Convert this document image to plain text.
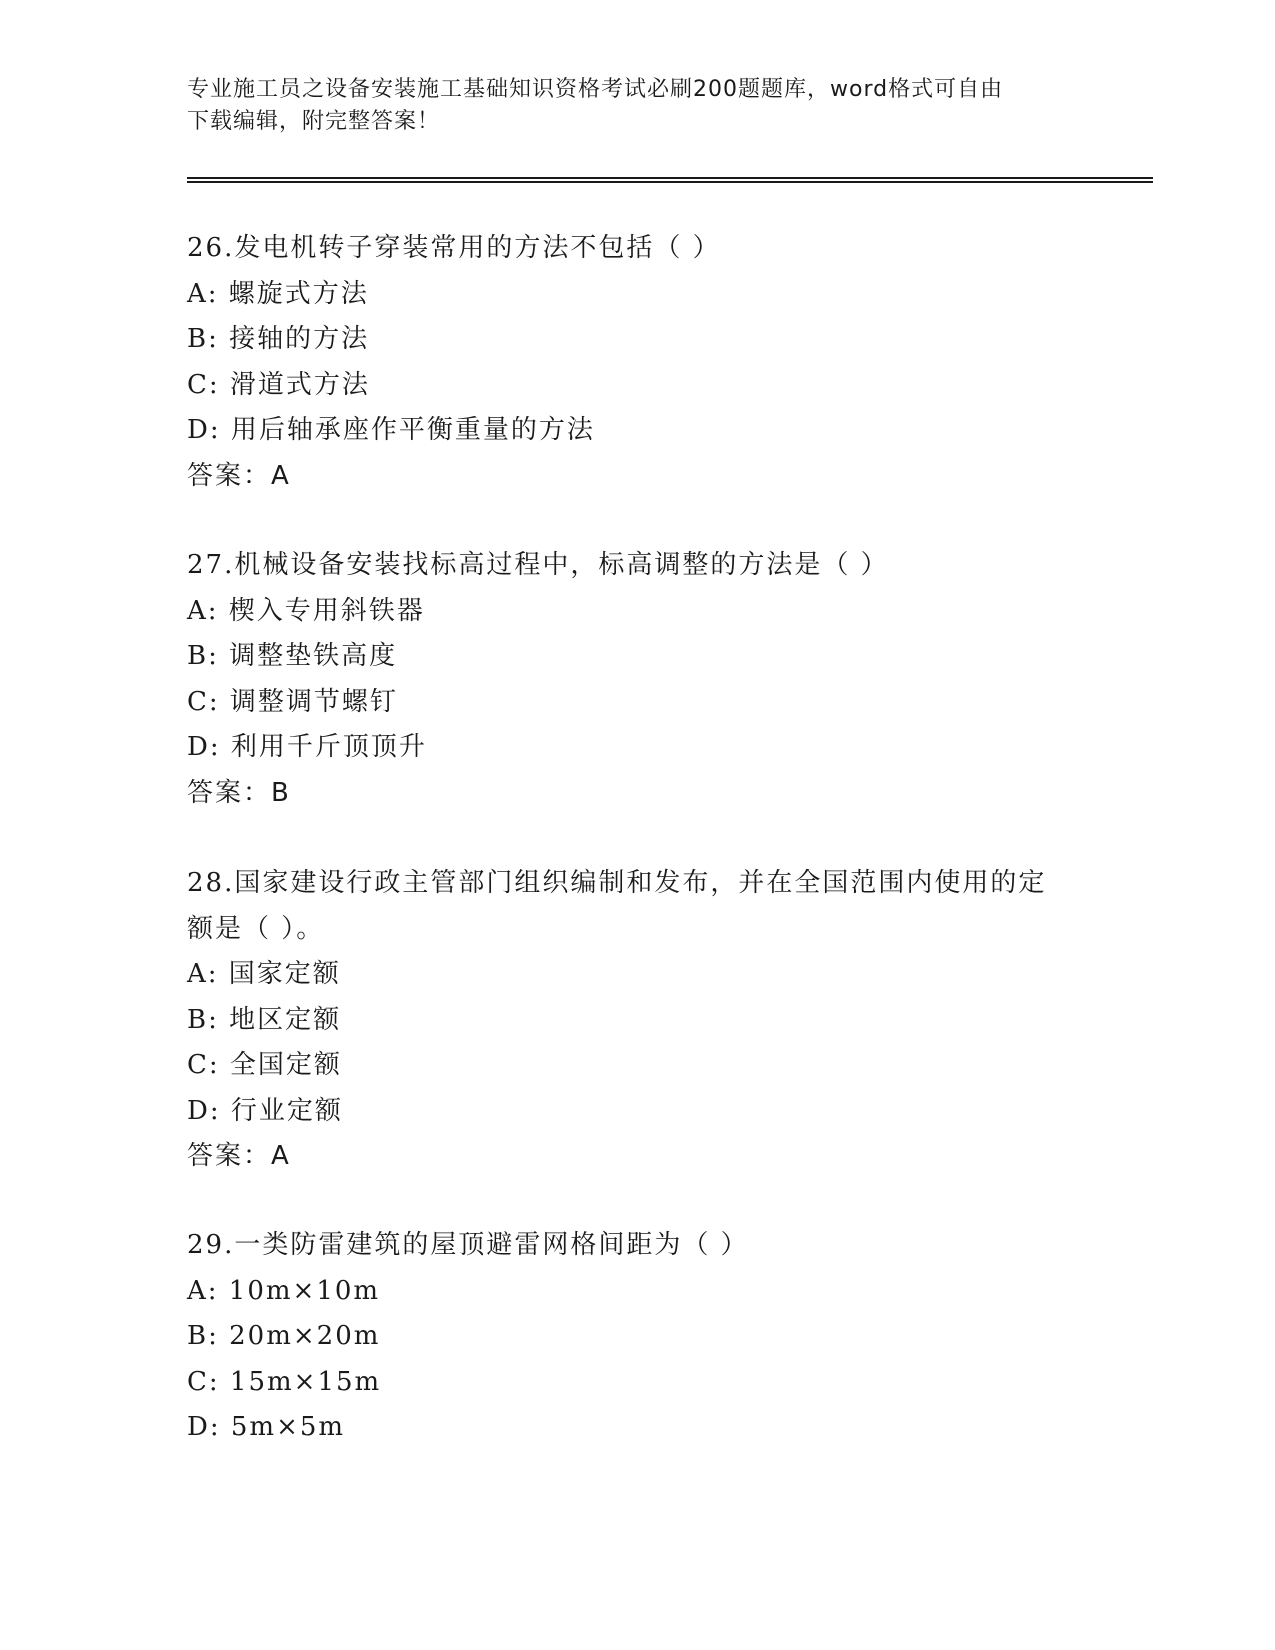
专业施工员之设备安装施工基础知识资格考试必刷200题题库，word格式可自由
下载编辑，附完整答案！
26.发电机转子穿装常用的方法不包括（ ）
A: 螺旋式方法
B: 接轴的方法
C: 滑道式方法
D: 用后轴承座作平衡重量的方法
答案：A
27.机械设备安装找标高过程中，标高调整的方法是（ ）
A: 楔入专用斜铁器
B: 调整垫铁高度
C: 调整调节螺钉
D: 利用千斤顶顶升
答案：B
28.国家建设行政主管部门组织编制和发布，并在全国范围内使用的定
额是（ ）。
A: 国家定额
B: 地区定额
C: 全国定额
D: 行业定额
答案：A
29.一类防雷建筑的屋顶避雷网格间距为（ ）
A: 10m×10m
B: 20m×20m
C: 15m×15m
D: 5m×5m
